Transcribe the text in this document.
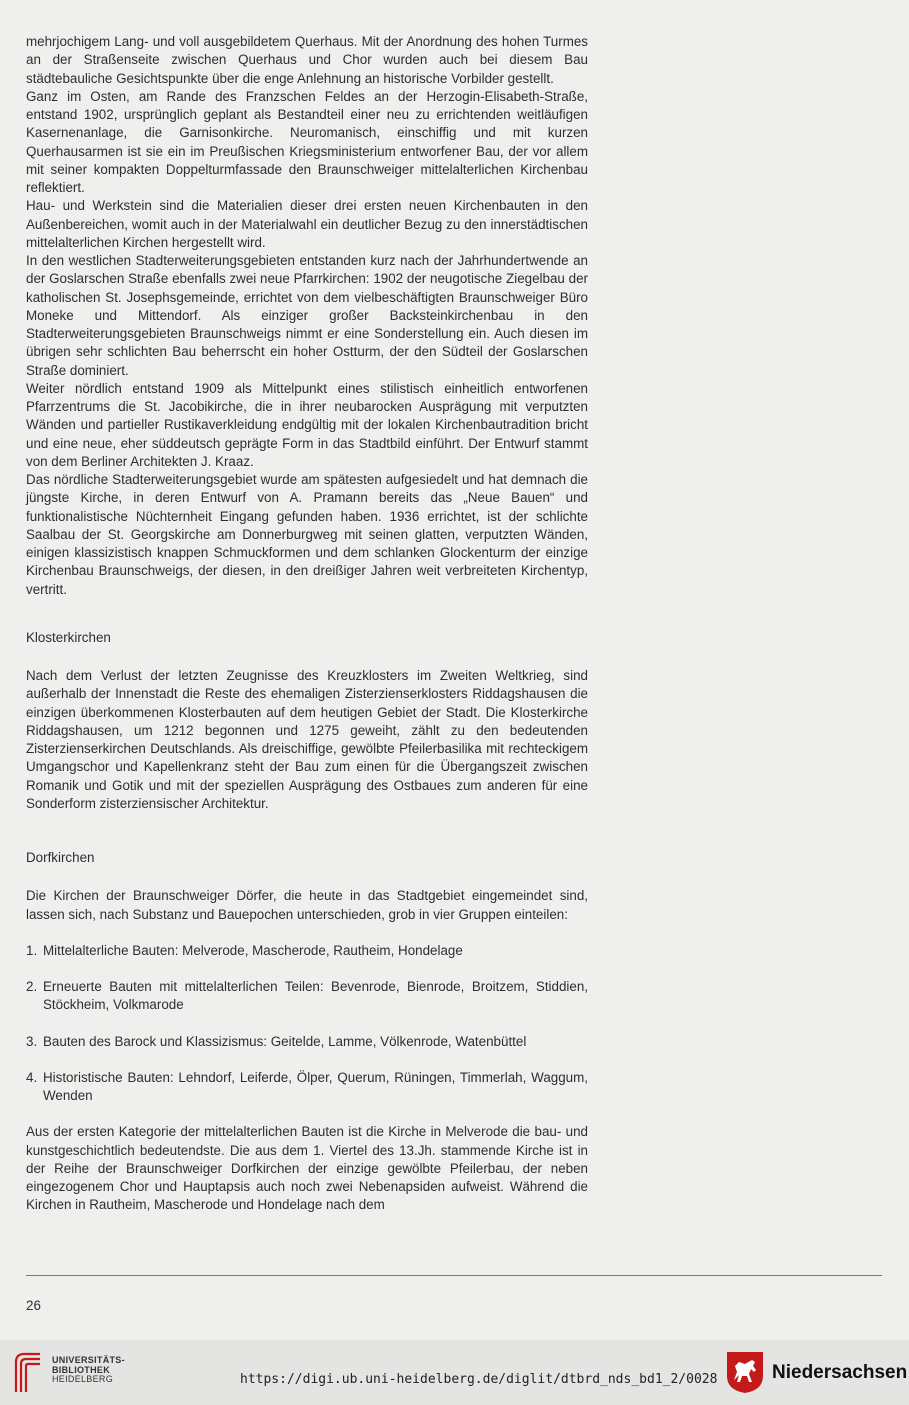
mehrjochigem Lang- und voll ausgebildetem Querhaus. Mit der Anordnung des hohen Turmes an der Straßenseite zwischen Querhaus und Chor wurden auch bei diesem Bau städtebauliche Gesichtspunkte über die enge Anlehnung an historische Vorbilder gestellt.

Ganz im Osten, am Rande des Franzschen Feldes an der Herzogin-Elisabeth-Straße, entstand 1902, ursprünglich geplant als Bestandteil einer neu zu errichtenden weitläufigen Kasernenanlage, die Garnisonkirche. Neuromanisch, einschiffig und mit kurzen Querhausarmen ist sie ein im Preußischen Kriegsministerium entworfener Bau, der vor allem mit seiner kompakten Doppelturmfassade den Braunschweiger mittelalterlichen Kirchenbau reflektiert.

Hau- und Werkstein sind die Materialien dieser drei ersten neuen Kirchenbauten in den Außenbereichen, womit auch in der Materialwahl ein deutlicher Bezug zu den innerstädtischen mittelalterlichen Kirchen hergestellt wird.

In den westlichen Stadterweiterungsgebieten entstanden kurz nach der Jahrhundertwende an der Goslarschen Straße ebenfalls zwei neue Pfarrkirchen: 1902 der neugotische Ziegelbau der katholischen St. Josephsgemeinde, errichtet von dem vielbeschäftigten Braunschweiger Büro Moneke und Mittendorf. Als einziger großer Backsteinkirchenbau in den Stadterweiterungsgebieten Braunschweigs nimmt er eine Sonderstellung ein. Auch diesen im übrigen sehr schlichten Bau beherrscht ein hoher Ostturm, der den Südteil der Goslarschen Straße dominiert.

Weiter nördlich entstand 1909 als Mittelpunkt eines stilistisch einheitlich entworfenen Pfarrzentrums die St. Jacobikirche, die in ihrer neubarocken Ausprägung mit verputzten Wänden und partieller Rustikaverkleidung endgültig mit der lokalen Kirchenbautradition bricht und eine neue, eher süddeutsch geprägte Form in das Stadtbild einführt. Der Entwurf stammt von dem Berliner Architekten J. Kraaz.

Das nördliche Stadterweiterungsgebiet wurde am spätesten aufgesiedelt und hat demnach die jüngste Kirche, in deren Entwurf von A. Pramann bereits das „Neue Bauen“ und funktionalistische Nüchternheit Eingang gefunden haben. 1936 errichtet, ist der schlichte Saalbau der St. Georgskirche am Donnerburgweg mit seinen glatten, verputzten Wänden, einigen klassizistisch knappen Schmuckformen und dem schlanken Glockenturm der einzige Kirchenbau Braunschweigs, der diesen, in den dreißiger Jahren weit verbreiteten Kirchentyp, vertritt.

Klosterkirchen

Nach dem Verlust der letzten Zeugnisse des Kreuzklosters im Zweiten Weltkrieg, sind außerhalb der Innenstadt die Reste des ehemaligen Zisterzienserklosters Riddagshausen die einzigen überkommenen Klosterbauten auf dem heutigen Gebiet der Stadt. Die Klosterkirche Riddagshausen, um 1212 begonnen und 1275 geweiht, zählt zu den bedeutenden Zisterzienserkirchen Deutschlands. Als dreischiffige, gewölbte Pfeilerbasilika mit rechteckigem Umgangschor und Kapellenkranz steht der Bau zum einen für die Übergangszeit zwischen Romanik und Gotik und mit der speziellen Ausprägung des Ostbaues zum anderen für eine Sonderform zisterziensischer Architektur.

Dorfkirchen

Die Kirchen der Braunschweiger Dörfer, die heute in das Stadtgebiet eingemeindet sind, lassen sich, nach Substanz und Bauepochen unterschieden, grob in vier Gruppen einteilen:

1. Mittelalterliche Bauten: Melverode, Mascherode, Rautheim, Hondelage
2. Erneuerte Bauten mit mittelalterlichen Teilen: Bevenrode, Bienrode, Broitzem, Stiddien, Stöckheim, Volkmarode
3. Bauten des Barock und Klassizismus: Geitelde, Lamme, Völkenrode, Watenbüttel
4. Historistische Bauten: Lehndorf, Leiferde, Ölper, Querum, Rüningen, Timmerlah, Waggum, Wenden

Aus der ersten Kategorie der mittelalterlichen Bauten ist die Kirche in Melverode die bau- und kunstgeschichtlich bedeutendste. Die aus dem 1. Viertel des 13.Jh. stammende Kirche ist in der Reihe der Braunschweiger Dorfkirchen der einzige gewölbte Pfeilerbau, der neben eingezogenem Chor und Hauptapsis auch noch zwei Nebenapsiden aufweist. Während die Kirchen in Rautheim, Mascherode und Hondelage nach dem

26
UNIVERSITÄTS-
BIBLIOTHEK
HEIDELBERG	https://digi.ub.uni-heidelberg.de/diglit/dtbrd_nds_bd1_2/0028	Niedersachsen
